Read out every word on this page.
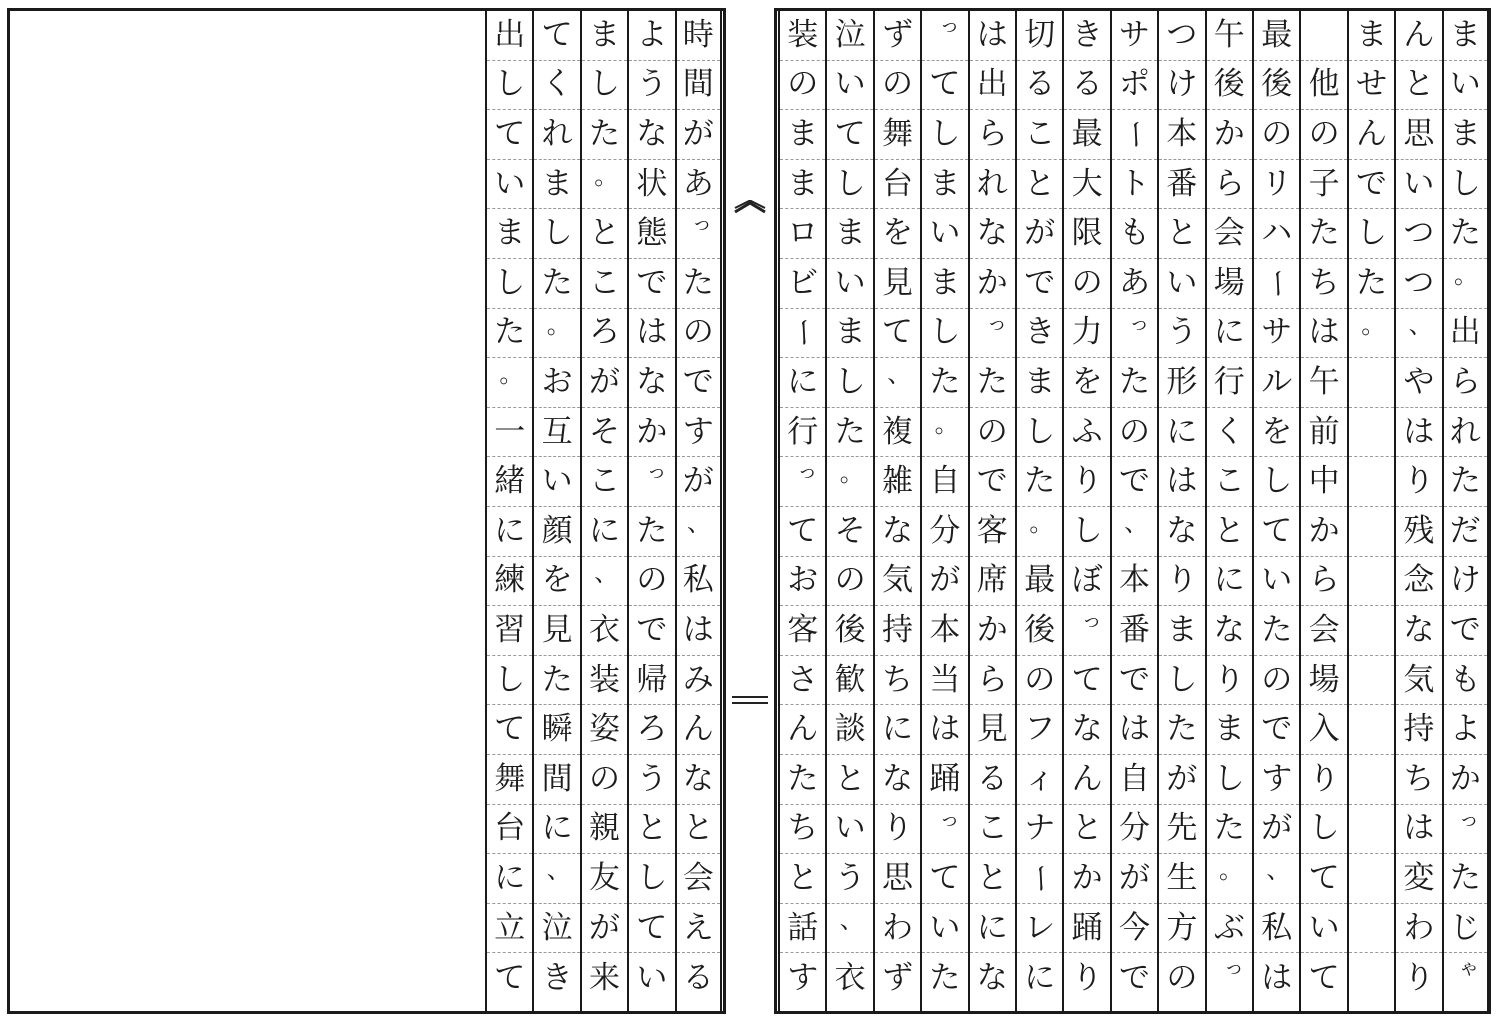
ま
い
ま
し
た
。
出
ら
れ
た
だ
け
で
も
よ
か
っ
た
じ
ゃ
ん
と
思
い
つ
つ
、
や
は
り
残
念
な
気
持
ち
は
変
わ
り
ま
せ
ん
で
し
た
。

他
の
子
た
ち
は
午
前
中
か
ら
会
場
入
り
し
て
い
て
最
後
の
リ
ハ
ー
サ
ル
を
し
て
い
た
の
で
す
が
、
私
は
午
後
か
ら
会
場
に
行
く
こ
と
に
な
り
ま
し
た
。
ぶ
っ
つ
け
本
番
と
い
う
形
に
は
な
り
ま
し
た
が
先
生
方
の
サ
ポ
ー
ト
も
あ
っ
た
の
で
、
本
番
で
は
自
分
が
今
で
き
る
最
大
限
の
力
を
ふ
り
し
ぼ
っ
て
な
ん
と
か
踊
り
切
る
こ
と
が
で
き
ま
し
た
。
最
後
の
フ
ィ
ナ
ー
レ
に
は
出
ら
れ
な
か
っ
た
の
で
客
席
か
ら
見
る
こ
と
に
な
っ
て
し
ま
い
ま
し
た
。
自
分
が
本
当
は
踊
っ
て
い
た
ず
の
舞
台
を
見
て
、
複
雑
な
気
持
ち
に
な
り
思
わ
ず
泣
い
て
し
ま
い
ま
し
た
。
そ
の
後
歓
談
と
い
う
、
衣
装
の
ま
ま
ロ
ビ
ー
に
行
っ
て
お
客
さ
ん
た
ち
と
話
す
時
間
が
あ
っ
た
の
で
す
が
、
私
は
み
ん
な
と
会
え
る
よ
う
な
状
態
で
は
な
か
っ
た
の
で
帰
ろ
う
と
し
て
い
ま
し
た
。
と
こ
ろ
が
そ
こ
に
、
衣
装
姿
の
親
友
が
来
て
く
れ
ま
し
た
。
お
互
い
顔
を
見
た
瞬
間
に
、
泣
き
出
し
て
い
ま
し
た
。
一
緒
に
練
習
し
て
舞
台
に
立
て
